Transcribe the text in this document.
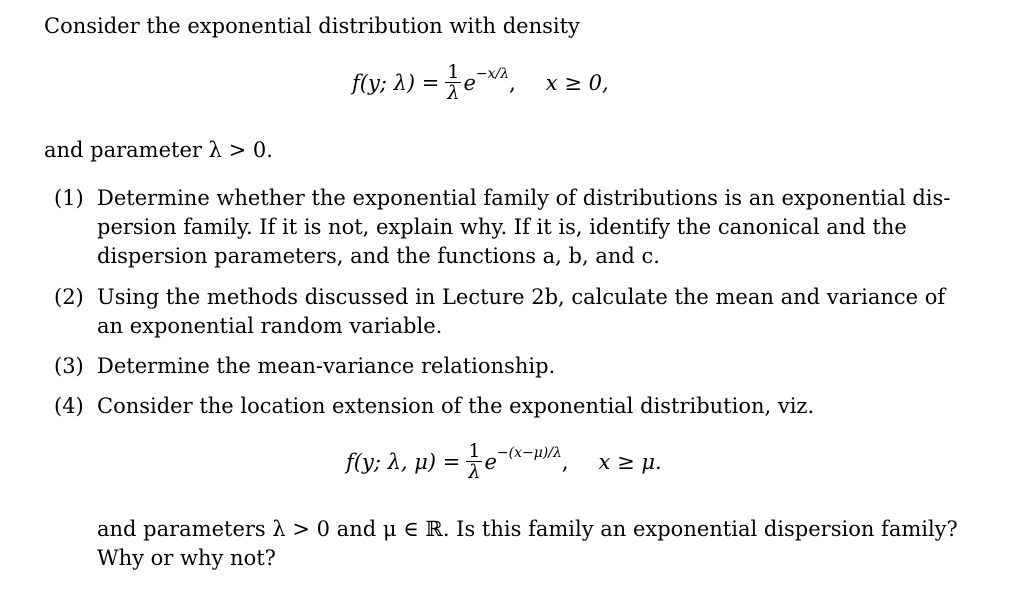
Consider the exponential distribution with density
f(y; $\lambda) = \frac{1}{\lambda}$ e −x/λ , x ≥ 0,
and parameter λ > 0.
(1) Determine whether the exponential family of distributions is an exponential dis-
persion family. If it is not, explain why. If it is, identify the canonical and the
dispersion parameters, and the functions a, b, and c.
(2) Using the methods discussed in Lecture 2b, calculate the mean and variance of
an exponential random variable.
(3) Determine the mean-variance relationship.
(4) Consider the location extension of the exponential distribution, viz.
f(y; λ, $\mu) = \frac{1}{\lambda}$ e −(x−μ)/λ , x ≥ μ.
and parameters λ > 0 and μ ∈ ℝ. Is this family an exponential dispersion family?
Why or why not?
